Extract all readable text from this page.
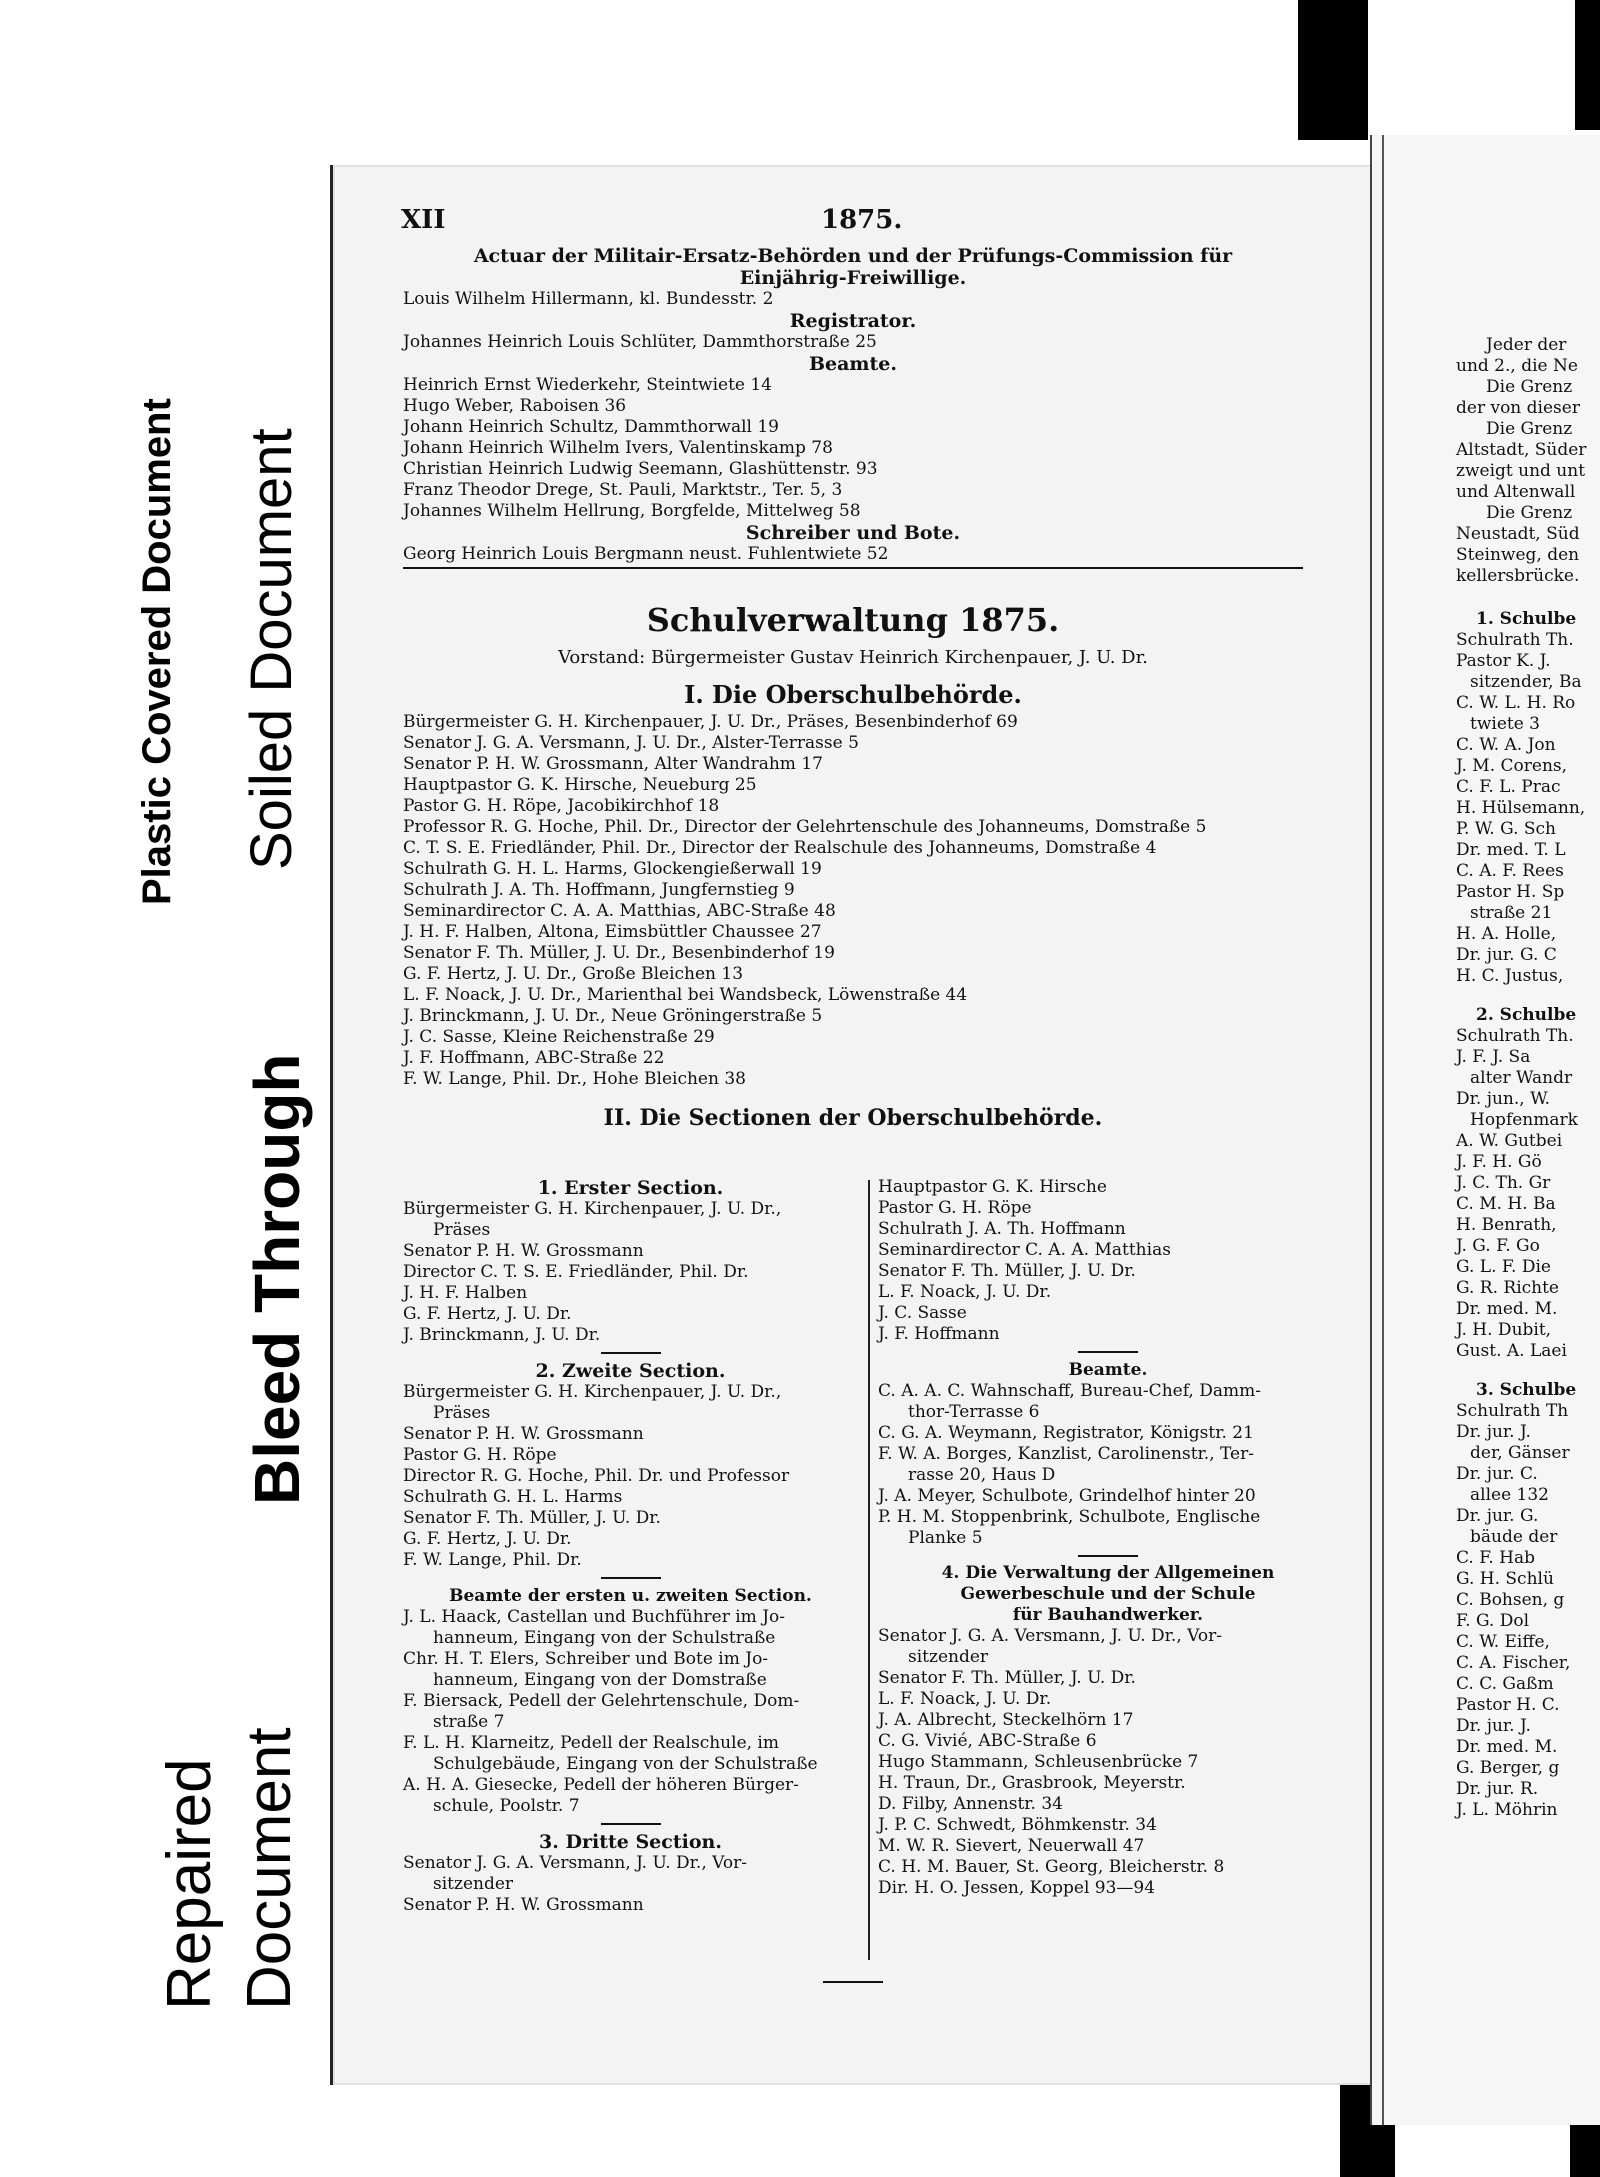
Plastic Covered Document Soiled Document
Bleed Through
Repaired Document
XII	1875.
Actuar der Militair-Ersatz-Behörden und der Prüfungs-Commission für
Einjährig-Freiwillige.
Louis Wilhelm Hillermann, kl. Bundesstr. 2
Registrator.
Johannes Heinrich Louis Schlüter, Dammthorstraße 25
Beamte.
Heinrich Ernst Wiederkehr, Steintwiete 14
Hugo Weber, Raboisen 36
Johann Heinrich Schultz, Dammthorwall 19
Johann Heinrich Wilhelm Ivers, Valentinskamp 78
Christian Heinrich Ludwig Seemann, Glashüttenstr. 93
Franz Theodor Drege, St. Pauli, Marktstr., Ter. 5, 3
Johannes Wilhelm Hellrung, Borgfelde, Mittelweg 58
Schreiber und Bote.
Georg Heinrich Louis Bergmann neust. Fuhlentwiete 52
Schulverwaltung 1875.
Vorstand: Bürgermeister Gustav Heinrich Kirchenpauer, J. U. Dr.
I. Die Oberschulbehörde.
Bürgermeister G. H. Kirchenpauer, J. U. Dr., Präses, Besenbinderhof 69
Senator J. G. A. Versmann, J. U. Dr., Alster-Terrasse 5
Senator P. H. W. Grossmann, Alter Wandrahm 17
Hauptpastor G. K. Hirsche, Neueburg 25
Pastor G. H. Röpe, Jacobikirchhof 18
Professor R. G. Hoche, Phil. Dr., Director der Gelehrtenschule des Johanneums, Domstraße 5
C. T. S. E. Friedländer, Phil. Dr., Director der Realschule des Johanneums, Domstraße 4
Schulrath G. H. L. Harms, Glockengießerwall 19
Schulrath J. A. Th. Hoffmann, Jungfernstieg 9
Seminardirector C. A. A. Matthias, ABC-Straße 48
J. H. F. Halben, Altona, Eimsbüttler Chaussee 27
Senator F. Th. Müller, J. U. Dr., Besenbinderhof 19
G. F. Hertz, J. U. Dr., Große Bleichen 13
L. F. Noack, J. U. Dr., Marienthal bei Wandsbeck, Löwenstraße 44
J. Brinckmann, J. U. Dr., Neue Gröningerstraße 5
J. C. Sasse, Kleine Reichenstraße 29
J. F. Hoffmann, ABC-Straße 22
F. W. Lange, Phil. Dr., Hohe Bleichen 38
II. Die Sectionen der Oberschulbehörde.
1. Erster Section.
Bürgermeister G. H. Kirchenpauer, J. U. Dr.,
Präses
Senator P. H. W. Grossmann
Director C. T. S. E. Friedländer, Phil. Dr.
J. H. F. Halben
G. F. Hertz, J. U. Dr.
J. Brinckmann, J. U. Dr.
2. Zweite Section.
Bürgermeister G. H. Kirchenpauer, J. U. Dr.,
Präses
Senator P. H. W. Grossmann
Pastor G. H. Röpe
Director R. G. Hoche, Phil. Dr. und Professor
Schulrath G. H. L. Harms
Senator F. Th. Müller, J. U. Dr.
G. F. Hertz, J. U. Dr.
F. W. Lange, Phil. Dr.
Beamte der ersten u. zweiten Section.
J. L. Haack, Castellan und Buchführer im Jo-
hanneum, Eingang von der Schulstraße
Chr. H. T. Elers, Schreiber und Bote im Jo-
hanneum, Eingang von der Domstraße
F. Biersack, Pedell der Gelehrtenschule, Dom-
straße 7
F. L. H. Klarneitz, Pedell der Realschule, im
Schulgebäude, Eingang von der Schulstraße
A. H. A. Giesecke, Pedell der höheren Bürger-
schule, Poolstr. 7
3. Dritte Section.
Senator J. G. A. Versmann, J. U. Dr., Vor-
sitzender
Senator P. H. W. Grossmann
Hauptpastor G. K. Hirsche
Pastor G. H. Röpe
Schulrath J. A. Th. Hoffmann
Seminardirector C. A. A. Matthias
Senator F. Th. Müller, J. U. Dr.
L. F. Noack, J. U. Dr.
J. C. Sasse
J. F. Hoffmann
Beamte.
C. A. A. C. Wahnschaff, Bureau-Chef, Damm-
thor-Terrasse 6
C. G. A. Weymann, Registrator, Königstr. 21
F. W. A. Borges, Kanzlist, Carolinenstr., Ter-
rasse 20, Haus D
J. A. Meyer, Schulbote, Grindelhof hinter 20
P. H. M. Stoppenbrink, Schulbote, Englische
Planke 5
4. Die Verwaltung der Allgemeinen
Gewerbeschule und der Schule
für Bauhandwerker.
Senator J. G. A. Versmann, J. U. Dr., Vor-
sitzender
Senator F. Th. Müller, J. U. Dr.
L. F. Noack, J. U. Dr.
J. A. Albrecht, Steckelhörn 17
C. G. Vivié, ABC-Straße 6
Hugo Stammann, Schleusenbrücke 7
H. Traun, Dr., Grasbrook, Meyerstr.
D. Filby, Annenstr. 34
J. P. C. Schwedt, Böhmkenstr. 34
M. W. R. Sievert, Neuerwall 47
C. H. M. Bauer, St. Georg, Bleicherstr. 8
Dir. H. O. Jessen, Koppel 93—94
Jeder der
und 2., die Ne
Die Grenz
der von dieser
Die Grenz
Altstadt, Süder
zweigt und unt
und Altenwall
Die Grenz
Neustadt, Süd
Steinweg, den
kellersbrücke.
1. Schulbe
Schulrath Th.
Pastor K. J.
sitzender, Ba
C. W. L. H. Ro
twiete 3
C. W. A. Jon
J. M. Corens,
C. F. L. Prac
H. Hülsemann,
P. W. G. Sch
Dr. med. T. L
C. A. F. Rees
Pastor H. Sp
straße 21
H. A. Holle,
Dr. jur. G. C
H. C. Justus,
2. Schulbe
Schulrath Th.
J. F. J. Sa
alter Wandr
Dr. jun., W.
Hopfenmark
A. W. Gutbei
J. F. H. Gö
J. C. Th. Gr
C. M. H. Ba
H. Benrath,
J. G. F. Go
G. L. F. Die
G. R. Richte
Dr. med. M.
J. H. Dubit,
Gust. A. Laei
3. Schulbe
Schulrath Th
Dr. jur. J.
der, Gänser
Dr. jur. C.
allee 132
Dr. jur. G.
bäude der
C. F. Hab
G. H. Schlü
C. Bohsen, g
F. G. Dol
C. W. Eiffe,
C. A. Fischer,
C. C. Gaßm
Pastor H. C.
Dr. jur. J.
Dr. med. M.
G. Berger, g
Dr. jur. R.
J. L. Möhrin
